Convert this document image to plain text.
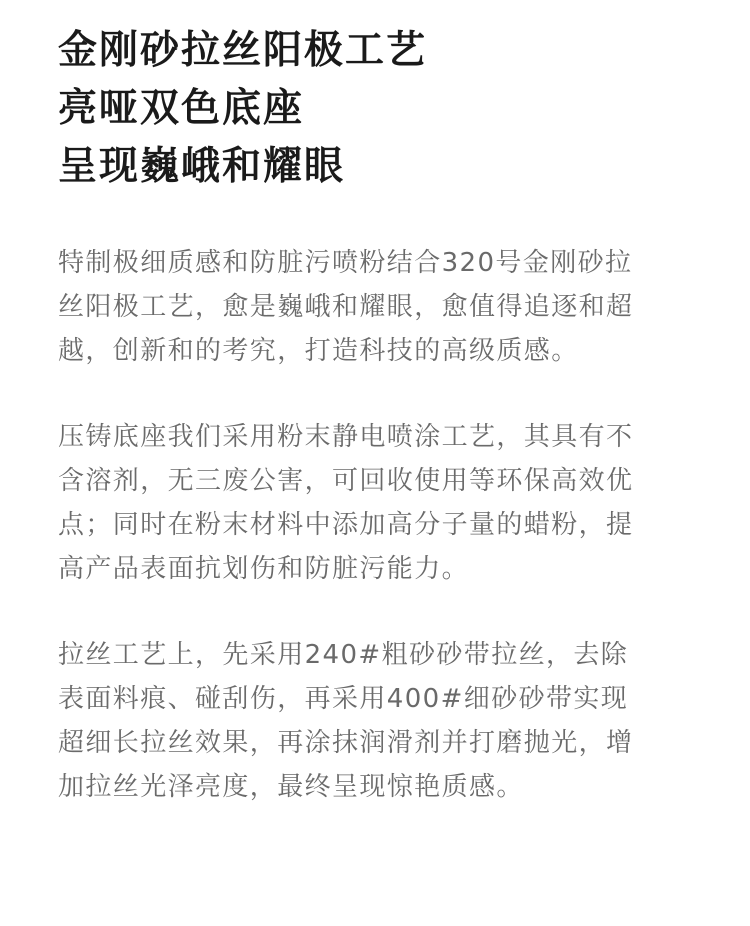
金刚砂拉丝阳极工艺
亮哑双色底座
呈现巍峨和耀眼
特制极细质感和防脏污喷粉结合320号金刚砂拉
丝阳极工艺，愈是巍峨和耀眼，愈值得追逐和超
越，创新和的考究，打造科技的高级质感。
压铸底座我们采用粉末静电喷涂工艺，其具有不
含溶剂，无三废公害，可回收使用等环保高效优
点；同时在粉末材料中添加高分子量的蜡粉，提
高产品表面抗划伤和防脏污能力。
拉丝工艺上，先采用240#粗砂砂带拉丝，去除
表面料痕、碰刮伤，再采用400#细砂砂带实现
超细长拉丝效果，再涂抹润滑剂并打磨抛光，增
加拉丝光泽亮度，最终呈现惊艳质感。
